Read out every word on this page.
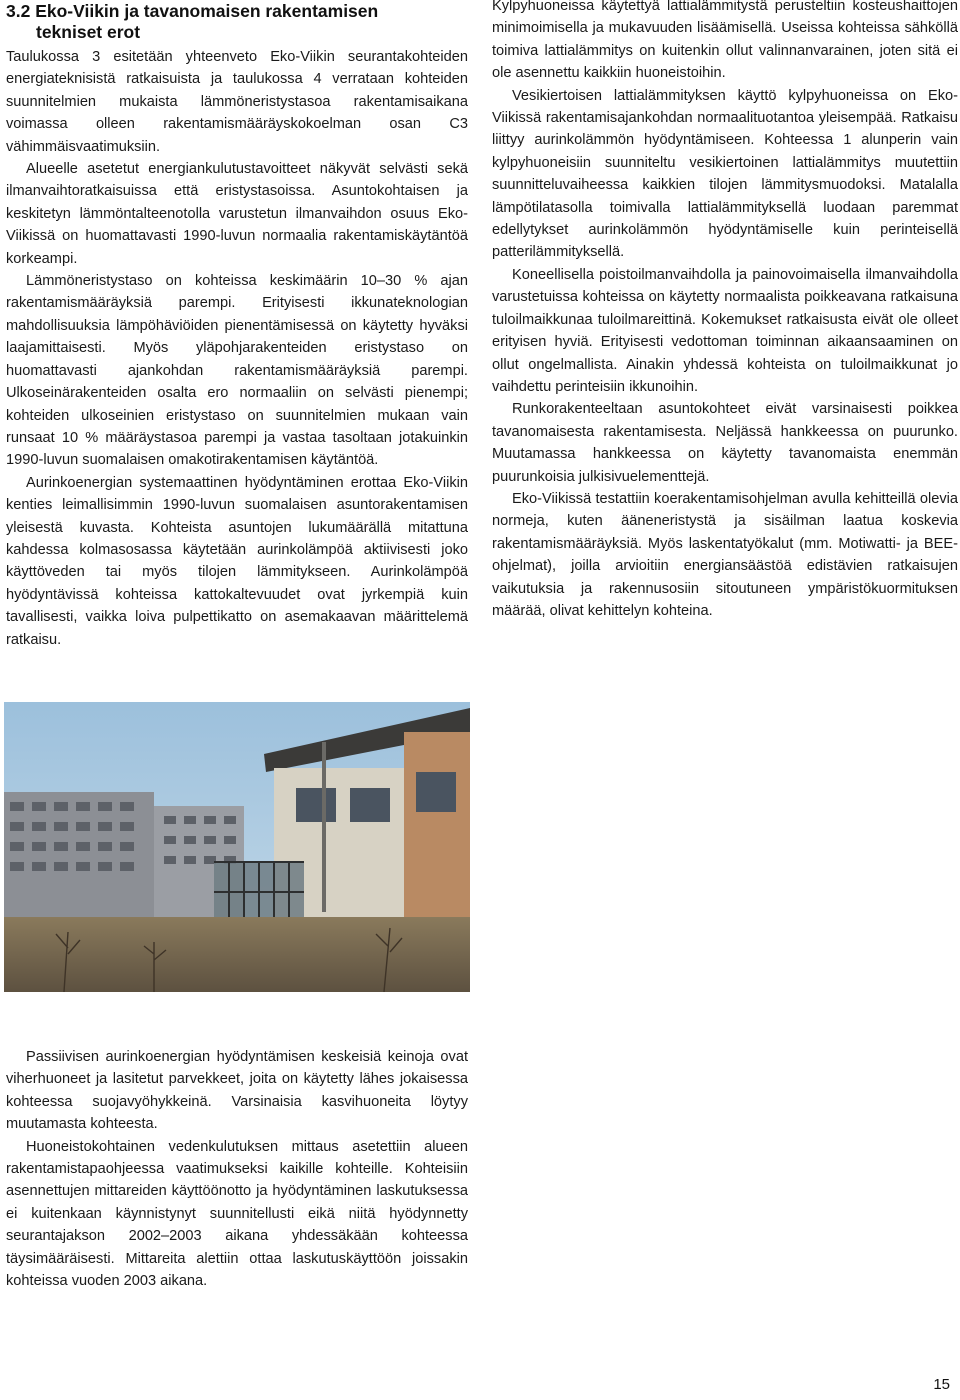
3.2 Eko-Viikin ja tavanomaisen rakentamisen
tekniset erot

Taulukossa 3 esitetään yhteenveto Eko-Viikin seurantakohteiden energiateknisistä ratkaisuista ja taulukossa 4 verrataan kohteiden suunnitelmien mukaista lämmöneristystasoa rakentamisaikana voimassa olleen rakentamismääräyskokoelman osan C3 vähimmäisvaatimuksiin.

Alueelle asetetut energiankulutustavoitteet näkyvät selvästi sekä ilmanvaihtoratkaisuissa että eristystasoissa. Asuntokohtaisen ja keskitetyn lämmöntalteenotolla varustetun ilmanvaihdon osuus Eko-Viikissä on huomattavasti 1990-luvun normaalia rakentamiskäytäntöä korkeampi.

Lämmöneristystaso on kohteissa keskimäärin 10–30 % ajan rakentamismääräyksiä parempi. Erityisesti ikkunateknologian mahdollisuuksia lämpöhäviöiden pienentämisessä on käytetty hyväksi laajamittaisesti. Myös yläpohjarakenteiden eristystaso on huomattavasti ajankohdan rakentamismääräyksiä parempi. Ulkoseinärakenteiden osalta ero normaaliin on selvästi pienempi; kohteiden ulkoseinien eristystaso on suunnitelmien mukaan vain runsaat 10 % määräystasoa parempi ja vastaa tasoltaan jotakuinkin 1990-luvun suomalaisen omakotirakentamisen käytäntöä.

Aurinkoenergian systemaattinen hyödyntäminen erottaa Eko-Viikin kenties leimallisimmin 1990-luvun suomalaisen asuntorakentamisen yleisestä kuvasta. Kohteista asuntojen lukumäärällä mitattuna kahdessa kolmasosassa käytetään aurinkolämpöä aktiivisesti joko käyttöveden tai myös tilojen lämmitykseen. Aurinkolämpöä hyödyntävissä kohteissa kattokaltevuudet ovat jyrkempiä kuin tavallisesti, vaikka loiva pulpettikatto on asemakaavan määrittelemä ratkaisu.

Kylpyhuoneissa käytettyä lattialämmitystä perusteltiin kosteushaittojen minimoimisella ja mukavuuden lisäämisellä. Useissa kohteissa sähköllä toimiva lattialämmitys on kuitenkin ollut valinnanvarainen, joten sitä ei ole asennettu kaikkiin huoneistoihin.

Vesikiertoisen lattialämmityksen käyttö kylpyhuoneissa on Eko-Viikissä rakentamisajankohdan normaalituotantoa yleisempää. Ratkaisu liittyy aurinkolämmön hyödyntämiseen. Kohteessa 1 alunperin vain kylpyhuoneisiin suunniteltu vesikiertoinen lattialämmitys muutettiin suunnitteluvaiheessa kaikkien tilojen lämmitysmuodoksi. Matalalla lämpötilatasolla toimivalla lattialämmityksellä luodaan paremmat edellytykset aurinkolämmön hyödyntämiselle kuin perinteisellä patterilämmityksellä.

Koneellisella poistoilmanvaihdolla ja painovoimaisella ilmanvaihdolla varustetuissa kohteissa on käytetty normaalista poikkeavana ratkaisuna tuloilmaikkunaa tuloilmareittinä. Kokemukset ratkaisusta eivät ole olleet erityisen hyviä. Erityisesti vedottoman toiminnan aikaansaaminen on ollut ongelmallista. Ainakin yhdessä kohteista on tuloilmaikkunat jo vaihdettu perinteisiin ikkunoihin.

Runkorakenteeltaan asuntokohteet eivät varsinaisesti poikkea tavanomaisesta rakentamisesta. Neljässä hankkeessa on puurunko. Muutamassa hankkeessa on käytetty tavanomaista enemmän puurunkoisia julkisivuelementtejä.

Eko-Viikissä testattiin koerakentamisohjelman avulla kehitteillä olevia normeja, kuten ääneneristystä ja sisäilman laatua koskevia rakentamismääräyksiä. Myös laskentatyökalut (mm. Motiwatti- ja BEE-ohjelmat), joilla arvioitiin energiansäästöä edistävien ratkaisujen vaikutuksia ja rakennusosiin sitoutuneen ympäristökuormituksen määrää, olivat kehittelyn kohteina.

Passiivisen aurinkoenergian hyödyntämisen keskeisiä keinoja ovat viherhuoneet ja lasitetut parvekkeet, joita on käytetty lähes jokaisessa kohteessa suojavyöhykkeinä. Varsinaisia kasvihuoneita löytyy muutamasta kohteesta.

Huoneistokohtainen vedenkulutuksen mittaus asetettiin alueen rakentamistapaohjeessa vaatimukseksi kaikille kohteille. Kohteisiin asennettujen mittareiden käyttöönotto ja hyödyntäminen laskutuksessa ei kuitenkaan käynnistynyt suunnitellusti eikä niitä hyödynnetty seurantajakson 2002–2003 aikana yhdessäkään kohteessa täysimääräisesti. Mittareita alettiin ottaa laskutuskäyttöön joissakin kohteissa vuoden 2003 aikana.

15
